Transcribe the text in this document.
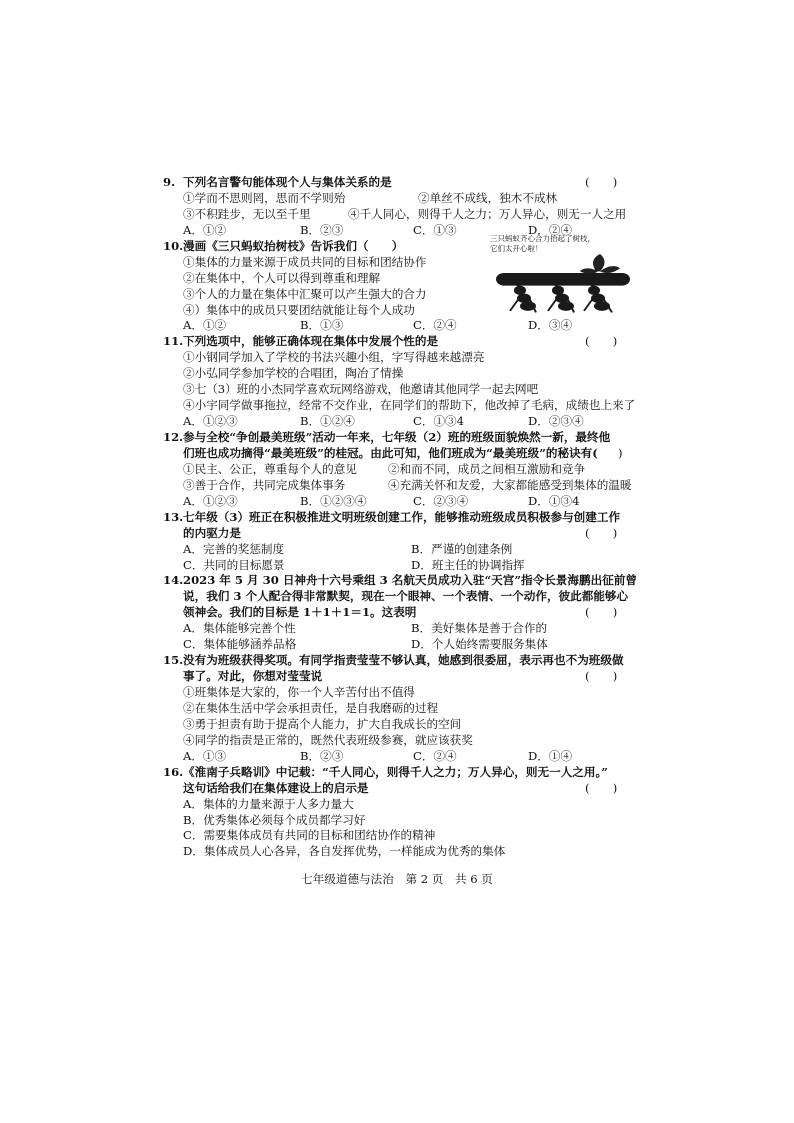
9. 下列名言警句能体现个人与集体关系的是	(　　)
①学而不思则罔，思而不学则殆	②单丝不成线，独木不成林
③不积跬步，无以至千里	④千人同心，则得千人之力；万人异心，则无一人之用
A．①②	B．②③	C．①③	D．②④
10. 漫画《三只蚂蚁抬树枝》告诉我们（　　）
①集体的力量来源于成员共同的目标和团结协作
②在集体中，个人可以得到尊重和理解
③个人的力量在集体中汇聚可以产生强大的合力
④）集体中的成员只要团结就能让每个人成功
A．①②	B．①③	C．②④	D．③④
11. 下列选项中，能够正确体现在集体中发展个性的是	(　　)
①小钢同学加入了学校的书法兴趣小组，字写得越来越漂亮
②小弘同学参加学校的合唱团，陶冶了情操
③七（3）班的小杰同学喜欢玩网络游戏，他邀请其他同学一起去网吧
④小宇同学做事拖拉，经常不交作业，在同学们的帮助下，他改掉了毛病，成绩也上来了
A．①②③	B．①②④	C．①③4	D．②③④
12. 参与全校“争创最美班级”活动一年来，七年级（2）班的班级面貌焕然一新，最终他
们班也成功摘得“最美班级”的桂冠。由此可知，他们班成为“最美班级”的秘诀有( )
①民主、公正，尊重每个人的意见	②和而不同，成员之间相互激励和竞争
③善于合作，共同完成集体事务	④充满关怀和友爱，大家都能感受到集体的温暖
A．①②③	B．①②③④	C．②③④	D．①③4
13. 七年级（3）班正在积极推进文明班级创建工作，能够推动班级成员积极参与创建工作
的内驱力是	(　　)
A．完善的奖惩制度	B．严谨的创建条例
C．共同的目标愿景	D．班主任的协调指挥
14. 2023 年 5 月 30 日神舟十六号乘组 3 名航天员成功入驻“天宫”指令长景海鹏出征前曾
说，我们 3 个人配合得非常默契，现在一个眼神、一个表情、一个动作，彼此都能够心
领神会。我们的目标是 1＋1＋1＝1。这表明	(　　)
A．集体能够完善个性	B．美好集体是善于合作的
C．集体能够涵养品格	D．个人始终需要服务集体
15. 没有为班级获得奖项。有同学指责莹莹不够认真，她感到很委屈，表示再也不为班级做
事了。对此，你想对莹莹说	(　　)
①班集体是大家的，你一个人辛苦付出不值得
②在集体生活中学会承担责任，是自我磨砺的过程
③勇于担责有助于提高个人能力，扩大自我成长的空间
④同学的指责是正常的，既然代表班级参赛，就应该获奖
A．①③	B．②③	C．②④	D．①④
16. 《淮南子兵略训》中记载：“千人同心，则得千人之力；万人异心，则无一人之用。”
这句话给我们在集体建设上的启示是	(　　)
A．集体的力量来源于人多力量大
B．优秀集体必须每个成员都学习好
C．需要集体成员有共同的目标和团结协作的精神
D．集体成员人心各异，各自发挥优势，一样能成为优秀的集体
三只蚂蚁齐心合力抬起了树枝，
它们太开心啦！
七年级道德与法治　第 2 页　共 6 页
